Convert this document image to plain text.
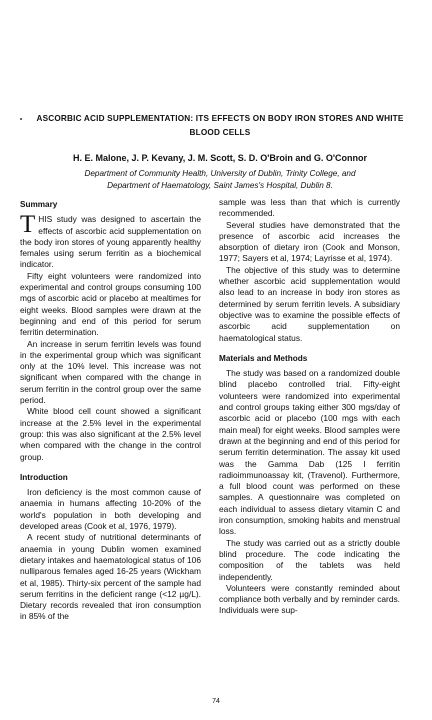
ASCORBIC ACID SUPPLEMENTATION: ITS EFFECTS ON BODY IRON STORES AND WHITE BLOOD CELLS
H. E. Malone, J. P. Kevany, J. M. Scott, S. D. O'Broin and G. O'Connor
Department of Community Health, University of Dublin, Trinity College, and
Department of Haematology, Saint James's Hospital, Dublin 8.
Summary

THIS study was designed to ascertain the effects of ascorbic acid supplementation on the body iron stores of young apparently healthy females using serum ferritin as a biochemical indicator.

Fifty eight volunteers were randomized into experimental and control groups consuming 100 mgs of ascorbic acid or placebo at mealtimes for eight weeks. Blood samples were drawn at the beginning and end of this period for serum ferritin determination.

An increase in serum ferritin levels was found in the experimental group which was significant only at the 10% level. This increase was not significant when compared with the change in serum ferritin in the control group over the same period.

White blood cell count showed a significant increase at the 2.5% level in the experimental group: this was also significant at the 2.5% level when compared with the change in the control group.

Introduction

Iron deficiency is the most common cause of anaemia in humans affecting 10-20% of the world's population in both developing and developed areas (Cook et al, 1976, 1979).

A recent study of nutritional determinants of anaemia in young Dublin women examined dietary intakes and haematological status of 106 nulliparous females aged 16-25 years (Wickham et al, 1985). Thirty-six percent of the sample had serum ferritins in the deficient range (<12 µg/L). Dietary records revealed that iron consumption in 85% of the

sample was less than that which is currently recommended.

Several studies have demonstrated that the presence of ascorbic acid increases the absorption of dietary iron (Cook and Monson, 1977; Sayers et al, 1974; Layrisse et al, 1974).

The objective of this study was to determine whether ascorbic acid supplementation would also lead to an increase in body iron stores as determined by serum ferritin levels. A subsidiary objective was to examine the possible effects of ascorbic acid supplementation on haematological status.

Materials and Methods

The study was based on a randomized double blind placebo controlled trial. Fifty-eight volunteers were randomized into experimental and control groups taking either 300 mgs/day of ascorbic acid or placebo (100 mgs with each main meal) for eight weeks. Blood samples were drawn at the beginning and end of this period for serum ferritin determination. The assay kit used was the Gamma Dab (125 I ferritin radioimmunoassay kit, (Travenol). Furthermore, a full blood count was performed on these samples. A questionnaire was completed on each individual to assess dietary vitamin C and iron consumption, smoking habits and menstrual loss.

The study was carried out as a strictly double blind procedure. The code indicating the composition of the tablets was held independently.

Volunteers were constantly reminded about compliance both verbally and by reminder cards. Individuals were sup-

74
